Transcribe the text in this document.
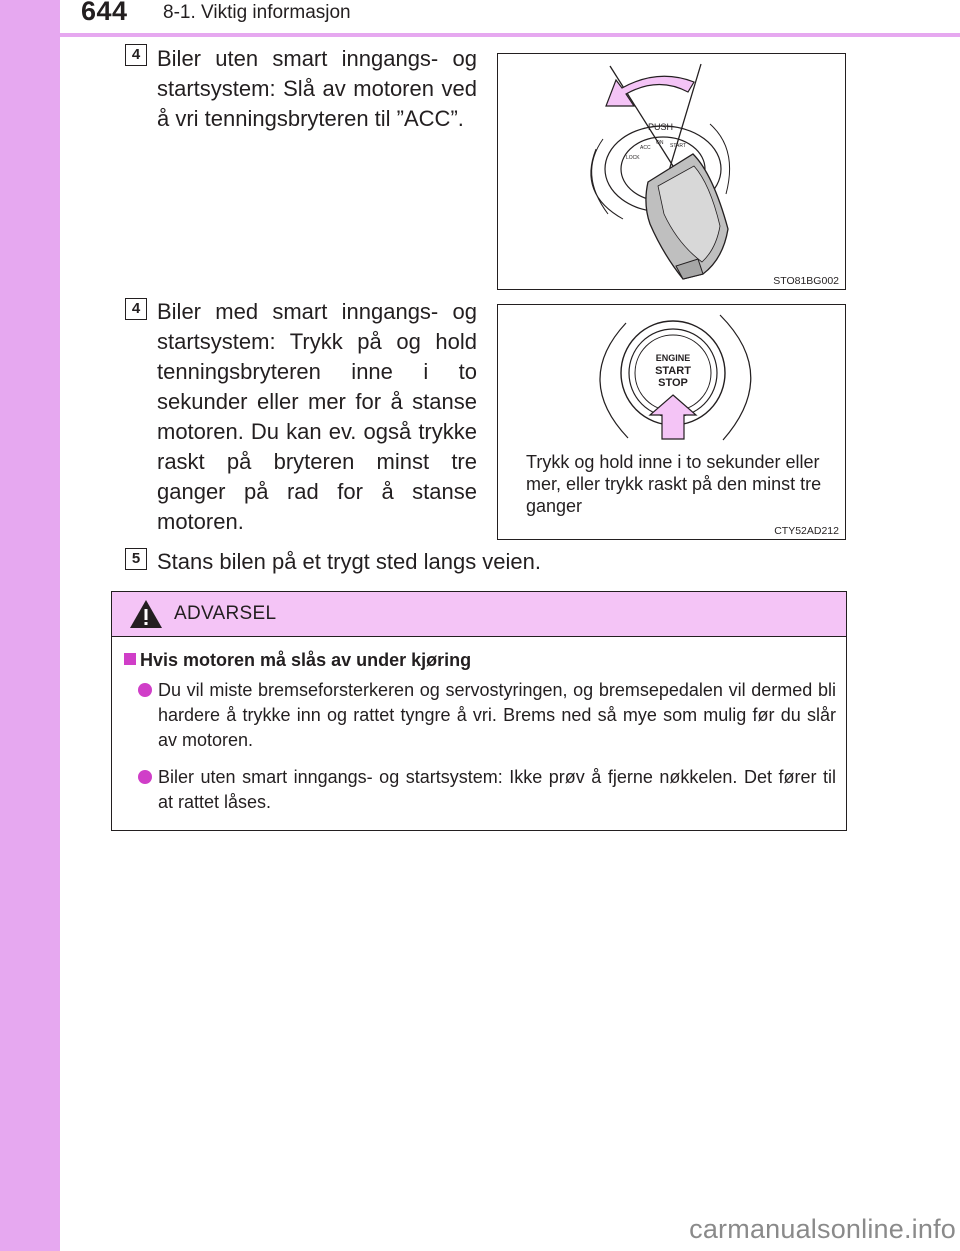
644 8-1. Viktig informasjon
4 Biler uten smart inngangs- og startsystem: Slå av motoren ved å vri tenningsbryteren til ”ACC”.	PUSH
LOCK
ACC
ON START
STO81BG002
4 Biler med smart inngangs- og startsystem: Trykk på og hold tenningsbryteren inne i to sekunder eller mer for å stanse motoren. Du kan ev. også trykke raskt på bryteren minst tre ganger på rad for å stanse motoren.
ENGINE
START
STOP
Trykk og hold inne i to sekunder eller mer, eller trykk raskt på den minst tre ganger
CTY52AD212
5 Stans bilen på et trygt sted langs veien.
ADVARSEL
Hvis motoren må slås av under kjøring
Du vil miste bremseforsterkeren og servostyringen, og bremsepedalen vil dermed bli hardere å trykke inn og rattet tyngre å vri. Brems ned så mye som mulig før du slår av motoren.
Biler uten smart inngangs- og startsystem: Ikke prøv å fjerne nøkkelen. Det fører til at rattet låses.
carmanualsonline.info
